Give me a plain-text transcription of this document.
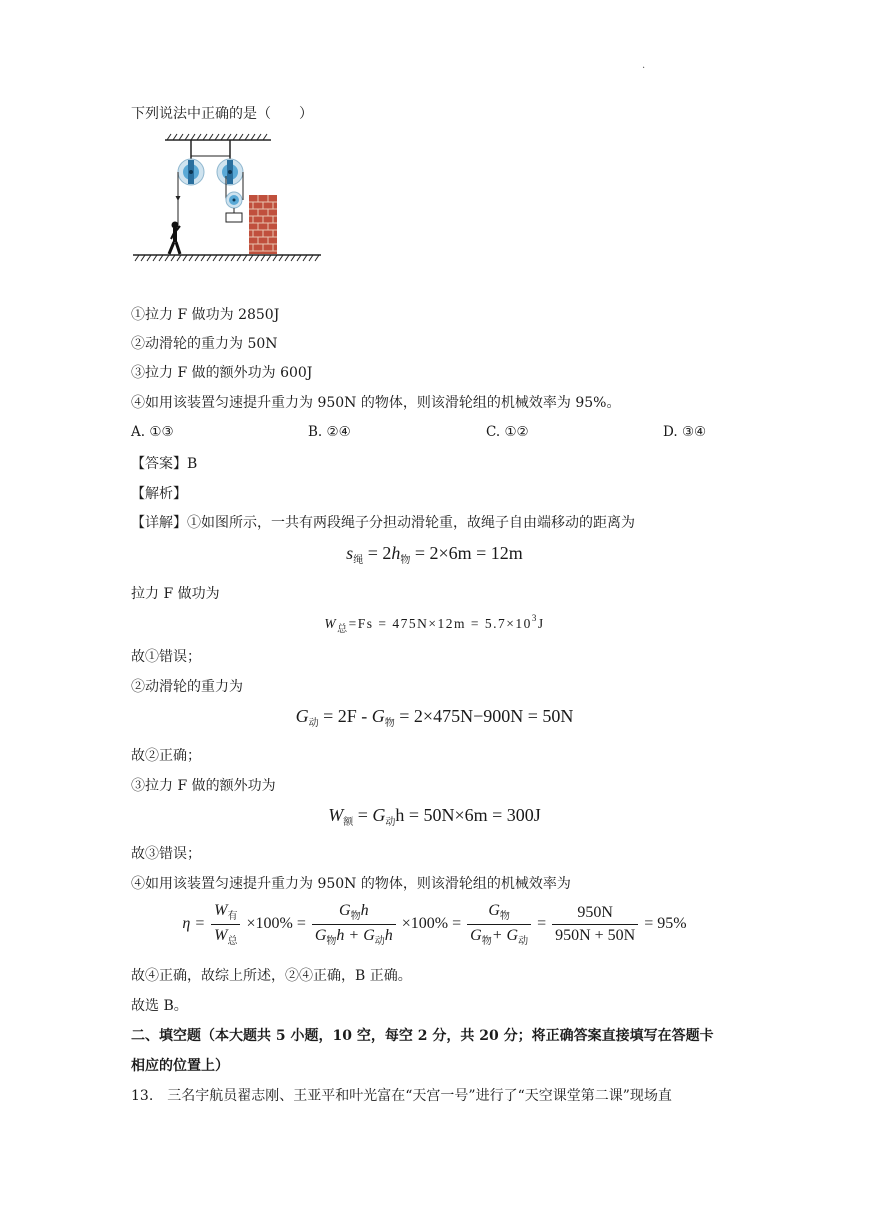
.
下列说法中正确的是（　　）
①拉力 F 做功为 2850J
②动滑轮的重力为 50N
③拉力 F 做的额外功为 600J
④如用该装置匀速提升重力为 950N 的物体，则该滑轮组的机械效率为 95%。
A. ①③	B. ②④	C. ①②	D. ③④
【答案】B
【解析】
【详解】①如图所示，一共有两段绳子分担动滑轮重，故绳子自由端移动的距离为
$s_绳 = 2h_物 = 2\times 6m = 12m$
拉力 F 做功为
$W_总=Fs = 475N\times 12m = 5.7\times 10^3J$
故①错误；
②动滑轮的重力为
$G_动 = 2F - G_物 = 2\times 475N-900N = 50N$
故②正确；
③拉力 F 做的额外功为
$W_额 = G_动h = 50N\times 6m = 300J$
故③错误；
④如用该装置匀速提升重力为 950N 的物体，则该滑轮组的机械效率为
$\eta = \frac{W_有}{W_总} \times 100\% = \frac{G_物h}{G_物h + G_动h} \times 100\% = \frac{G_物}{G_物+ G_动} = \frac{950N}{950N + 50N} = 95\%$
故④正确，故综上所述，②④正确，B 正确。
故选 B。
二、填空题（本大题共 5 小题，10 空，每空 2 分，共 20 分；将正确答案直接填写在答题卡
相应的位置上）
13.　三名宇航员翟志刚、王亚平和叶光富在“天宫一号”进行了“天空课堂第二课”现场直
